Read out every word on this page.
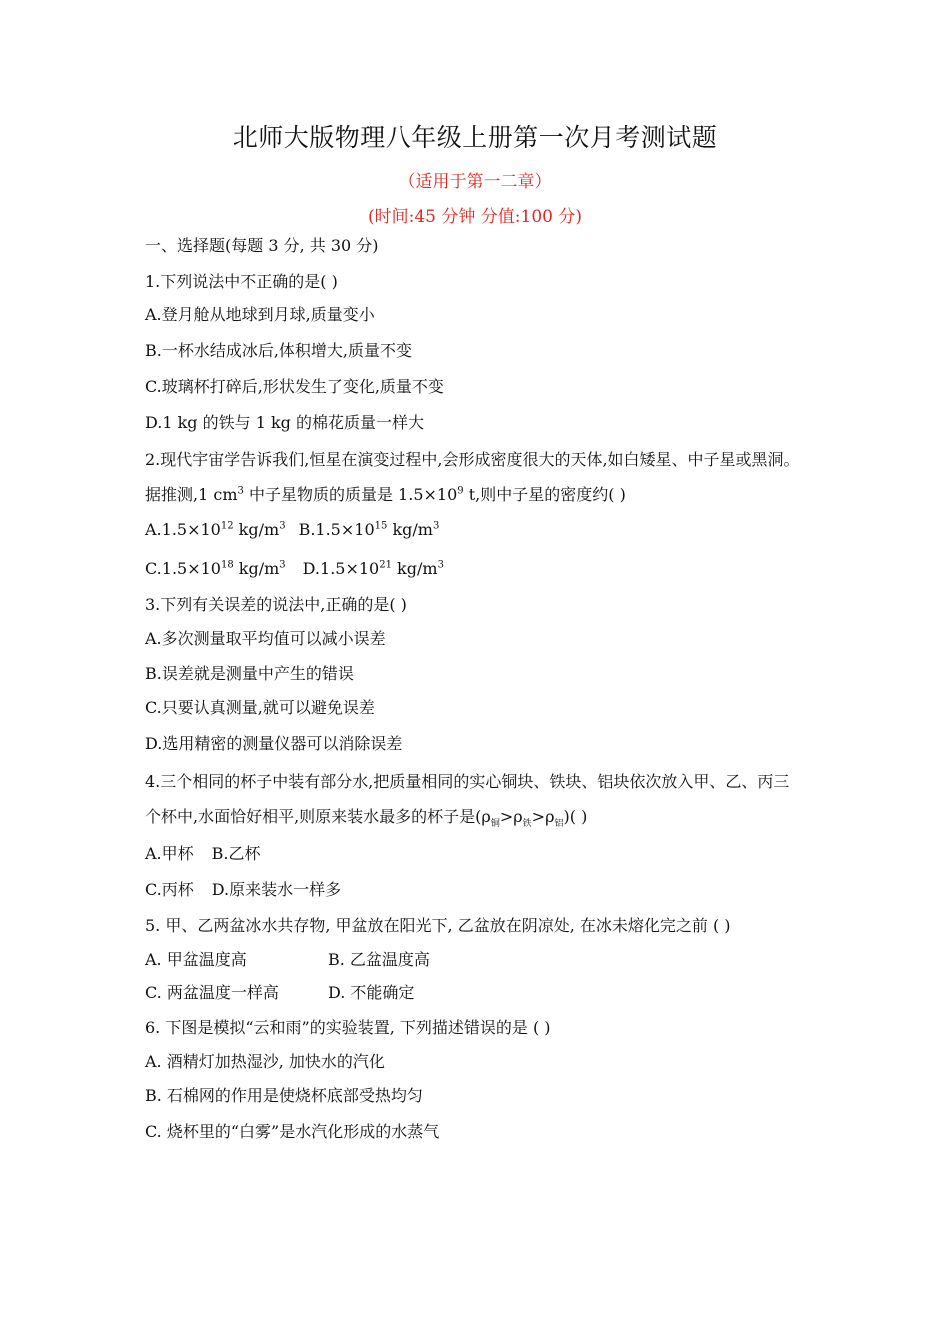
北师大版物理八年级上册第一次月考测试题
（适用于第一二章）
(时间:45 分钟 分值:100 分)
一、选择题(每题 3 分, 共 30 分)
1.下列说法中不正确的是( )
A.登月舱从地球到月球,质量变小
B.一杯水结成冰后,体积增大,质量不变
C.玻璃杯打碎后,形状发生了变化,质量不变
D.1 kg 的铁与 1 kg 的棉花质量一样大
2.现代宇宙学告诉我们,恒星在演变过程中,会形成密度很大的天体,如白矮星、中子星或黑洞。
据推测,1 $cm^3$ 中子星物质的质量是 $1.5\times 10^9$ t,则中子星的密度约( )
$A.1.5\times 10^{12}$ $kg/m^3$ $B.1.5\times 10^{15}$ $kg/m^3$
$C.1.5\times 10^{18}$ $kg/m^3$ $D.1.5\times 10^{21}$ $kg/m^3$
3.下列有关误差的说法中,正确的是( )
A.多次测量取平均值可以减小误差
B.误差就是测量中产生的错误
C.只要认真测量,就可以避免误差
D.选用精密的测量仪器可以消除误差
4.三个相同的杯子中装有部分水,把质量相同的实心铜块、铁块、铝块依次放入甲、乙、丙三
个杯中,水面恰好相平,则原来装水最多的杯子是$(\rho_铜>\rho_铁>\rho_铝)$( )
A.甲杯 B.乙杯
C.丙杯 D.原来装水一样多
5. 甲、乙两盆冰水共存物, 甲盆放在阳光下, 乙盆放在阴凉处, 在冰未熔化完之前 ( )
A. 甲盆温度高	B. 乙盆温度高
C. 两盆温度一样高	D. 不能确定
6. 下图是模拟“云和雨”的实验装置, 下列描述错误的是 ( )
A. 酒精灯加热湿沙, 加快水的汽化
B. 石棉网的作用是使烧杯底部受热均匀
C. 烧杯里的“白雾”是水汽化形成的水蒸气
